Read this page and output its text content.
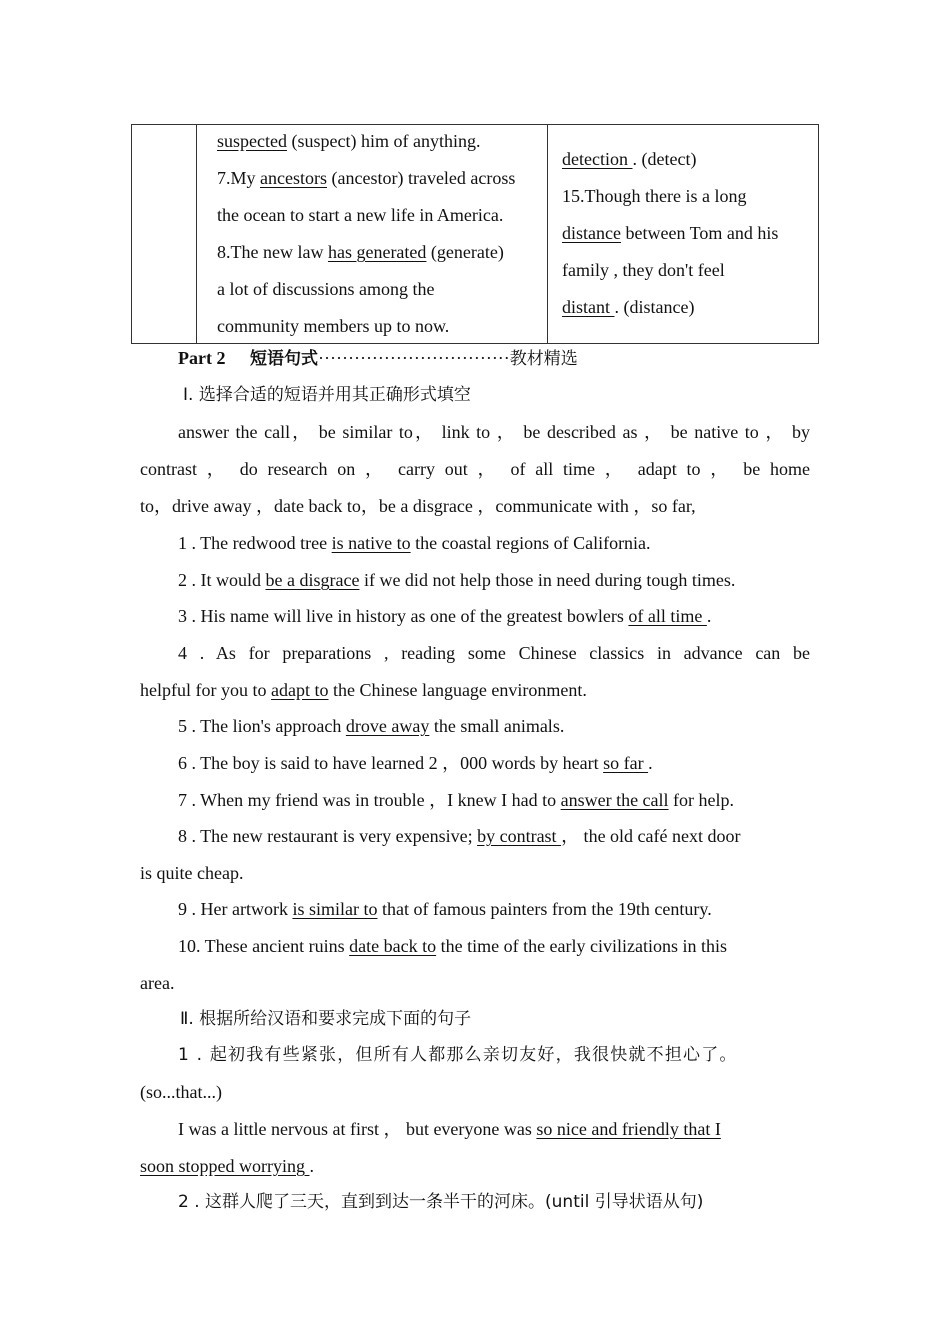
suspected (suspect) him of anything.
7.My ancestors (ancestor) traveled across
the ocean to start a new life in America.
8.The new law has generated (generate)
a lot of discussions among the
community members up to now.
detection . (detect)
15.Though there is a long
distance between Tom and his
family , they don't feel
distant . (distance)
Part 2 短语句式································教材精选
Ⅰ. 选择合适的短语并用其正确形式填空
answer the call， be similar to， link to ， be described as ， be native to ， by
contrast ， do research on ， carry out ， of all time ， adapt to ， be home
to，drive away ，date back to，be a disgrace ，communicate with ，so far,
1 . The redwood tree is native to the coastal regions of California.
2 . It would be a disgrace if we did not help those in need during tough times.
3 . His name will live in history as one of the greatest bowlers of all time .
4 . As for preparations , reading some Chinese classics in advance can be
helpful for you to adapt to the Chinese language environment.
5 . The lion's approach drove away the small animals.
6 . The boy is said to have learned 2 ，000 words by heart so far .
7 . When my friend was in trouble ，I knew I had to answer the call for help.
8 . The new restaurant is very expensive; by contrast ， the old café next door
is quite cheap.
9 . Her artwork is similar to that of famous painters from the 19th century.
10. These ancient ruins date back to the time of the early civilizations in this
area.
Ⅱ. 根据所给汉语和要求完成下面的句子
1 . 起初我有些紧张，但所有人都那么亲切友好，我很快就不担心了。
(so...that...)
I was a little nervous at first ， but everyone was so nice and friendly that I
soon stopped worrying .
2 . 这群人爬了三天，直到到达一条半干的河床。(until 引导状语从句)
